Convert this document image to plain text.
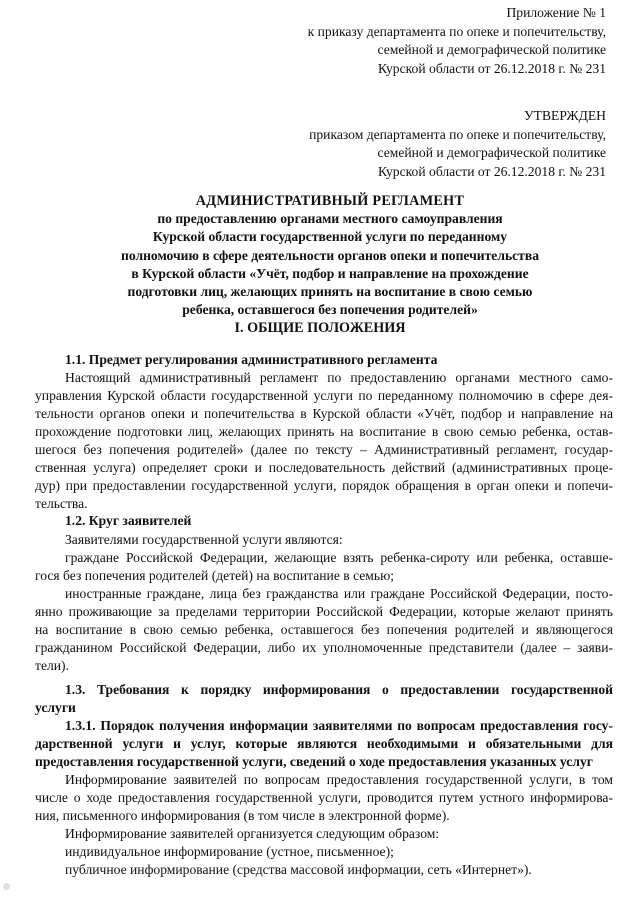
Приложение № 1
к приказу департамента по опеке и попечительству,
семейной и демографической политике
Курской области от 26.12.2018 г. № 231
УТВЕРЖДЕН
приказом департамента по опеке и попечительству,
семейной и демографической политике
Курской области от 26.12.2018 г. № 231
АДМИНИСТРАТИВНЫЙ РЕГЛАМЕНТ
по предоставлению органами местного самоуправления
Курской области государственной услуги по переданному
полномочию в сфере деятельности органов опеки и попечительства
в Курской области «Учёт, подбор и направление на прохождение
подготовки лиц, желающих принять на воспитание в свою семью
ребенка, оставшегося без попечения родителей»
I. ОБЩИЕ ПОЛОЖЕНИЯ
1.1. Предмет регулирования административного регламента
Настоящий административный регламент по предоставлению органами местного само-
управления Курской области государственной услуги по переданному полномочию в сфере дея-
тельности органов опеки и попечительства в Курской области «Учёт, подбор и направление на
прохождение подготовки лиц, желающих принять на воспитание в свою семью ребенка, остав-
шегося без попечения родителей» (далее по тексту – Административный регламент, государ-
ственная услуга) определяет сроки и последовательность действий (административных проце-
дур) при предоставлении государственной услуги, порядок обращения в орган опеки и попечи-
тельства.
1.2. Круг заявителей
Заявителями государственной услуги являются:
граждане Российской Федерации, желающие взять ребенка-сироту или ребенка, оставше-
гося без попечения родителей (детей) на воспитание в семью;
иностранные граждане, лица без гражданства или граждане Российской Федерации, посто-
янно проживающие за пределами территории Российской Федерации, которые желают принять
на воспитание в свою семью ребенка, оставшегося без попечения родителей и являющегося
гражданином Российской Федерации, либо их уполномоченные представители (далее – заяви-
тели).
1.3. Требования к порядку информирования о предоставлении государственной
услуги
1.3.1. Порядок получения информации заявителями по вопросам предоставления госу-
дарственной услуги и услуг, которые являются необходимыми и обязательными для
предоставления государственной услуги, сведений о ходе предоставления указанных услуг
Информирование заявителей по вопросам предоставления государственной услуги, в том
числе о ходе предоставления государственной услуги, проводится путем устного информирова-
ния, письменного информирования (в том числе в электронной форме).
Информирование заявителей организуется следующим образом:
индивидуальное информирование (устное, письменное);
публичное информирование (средства массовой информации, сеть «Интернет»).
